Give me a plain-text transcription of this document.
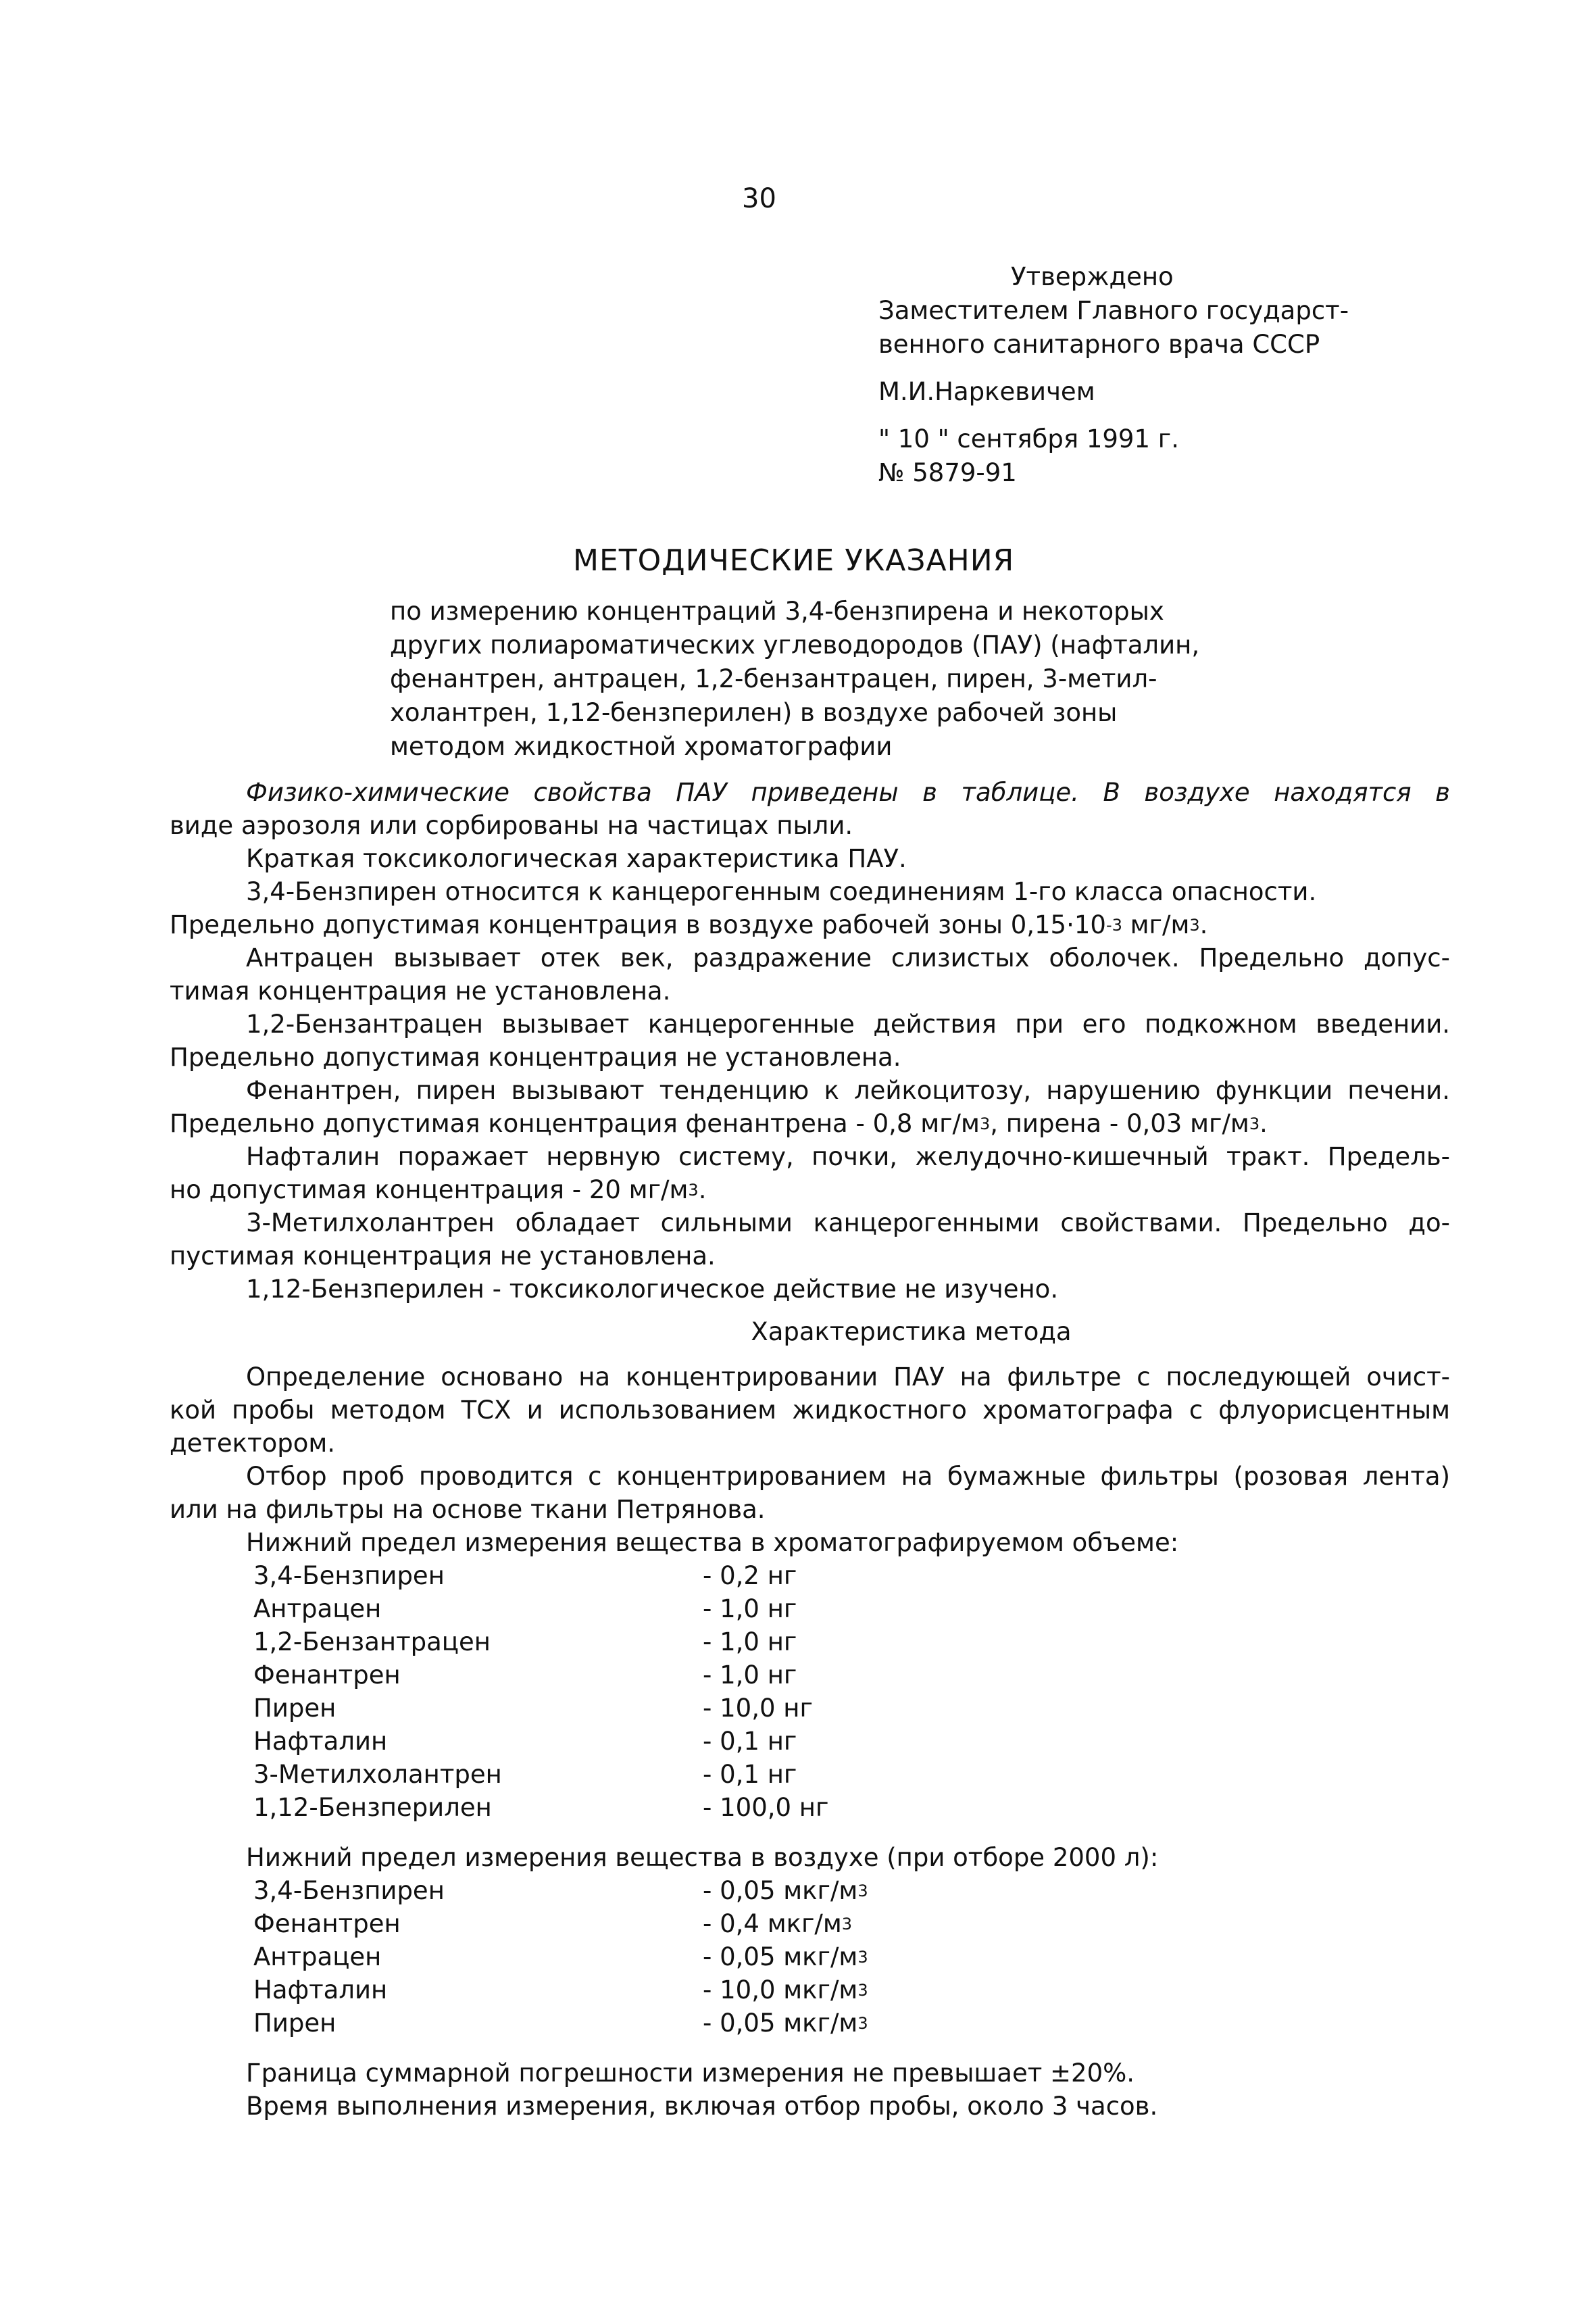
30
Утверждено
Заместителем Главного государст-
венного санитарного врача СССР
М.И.Наркевичем
" 10 " сентября 1991 г.
№ 5879-91
МЕТОДИЧЕСКИЕ УКАЗАНИЯ
по измерению концентраций 3,4-бензпирена и некоторых
других полиароматических углеводородов (ПАУ) (нафталин,
фенантрен, антрацен, 1,2-бензантрацен, пирен, 3-метил-
холантрен, 1,12-бензперилен) в воздухе рабочей зоны
методом жидкостной хроматографии
Физико-химические свойства ПАУ приведены в таблице. В воздухе находятся в
виде аэрозоля или сорбированы на частицах пыли.
Краткая токсикологическая характеристика ПАУ.
3,4-Бензпирен относится к канцерогенным соединениям 1-го класса опасности.
Предельно допустимая концентрация в воздухе рабочей зоны $0,15\cdot 10^{-3}$ $мг/м^3$.
Антрацен вызывает отек век, раздражение слизистых оболочек. Предельно допус-
тимая концентрация не установлена.
1,2-Бензантрацен вызывает канцерогенные действия при его подкожном введении.
Предельно допустимая концентрация не установлена.
Фенантрен, пирен вызывают тенденцию к лейкоцитозу, нарушению функции печени.
Предельно допустимая концентрация фенантрена - 0,8 $мг/м^3$, пирена - 0,03 $мг/м^3$.
Нафталин поражает нервную систему, почки, желудочно-кишечный тракт. Предель-
но допустимая концентрация - 20 $мг/м^3$.
3-Метилхолантрен обладает сильными канцерогенными свойствами. Предельно до-
пустимая концентрация не установлена.
1,12-Бензперилен - токсикологическое действие не изучено.
Характеристика метода
Определение основано на концентрировании ПАУ на фильтре с последующей очист-
кой пробы методом ТСХ и использованием жидкостного хроматографа с флуорисцентным
детектором.
Отбор проб проводится с концентрированием на бумажные фильтры (розовая лента)
или на фильтры на основе ткани Петрянова.
Нижний предел измерения вещества в хроматографируемом объеме:
3,4-Бензпирен	- 0,2 нг
Антрацен	- 1,0 нг
1,2-Бензантрацен	- 1,0 нг
Фенантрен	- 1,0 нг
Пирен	- 10,0 нг
Нафталин	- 0,1 нг
3-Метилхолантрен	- 0,1 нг
1,12-Бензперилен	- 100,0 нг
Нижний предел измерения вещества в воздухе (при отборе 2000 л):
3,4-Бензпирен	- 0,05 мкг/$м^3$
Фенантрен	- 0,4 мкг/$м^3$
Антрацен	- 0,05 мкг/$м^3$
Нафталин	- 10,0 мкг/$м^3$
Пирен	- 0,05 мкг/$м^3$
Граница суммарной погрешности измерения не превышает ±20%.
Время выполнения измерения, включая отбор пробы, около 3 часов.
